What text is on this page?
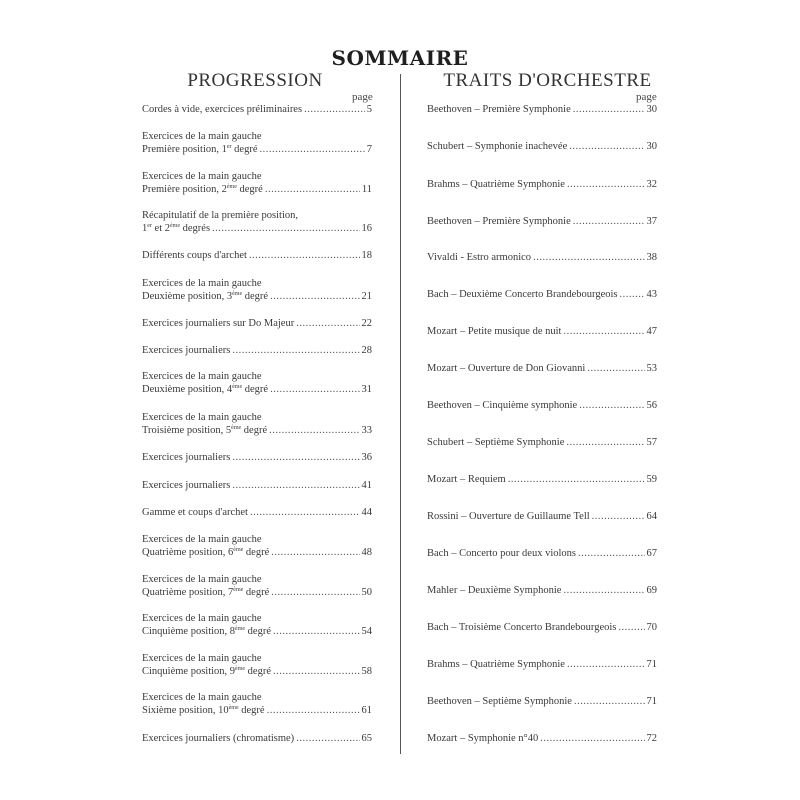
SOMMAIRE
PROGRESSION	TRAITS D'ORCHESTRE
page	page
Cordes à vide, exercices préliminaires .....	5
Exercices de la main gauche
Première position, 1er degré .....	7
Exercices de la main gauche
Première position, 2ème degré .....	11
Récapitulatif de la première position,
1er et 2ème degrés .....	16
Différents coups d'archet .....	18
Exercices de la main gauche
Deuxième position, 3ème degré .....	21
Exercices journaliers sur Do Majeur .....	22
Exercices journaliers .....	28
Exercices de la main gauche
Deuxième position, 4ème degré .....	31
Exercices de la main gauche
Troisième position, 5ème degré .....	33
Exercices journaliers .....	36
Exercices journaliers .....	41
Gamme et coups d'archet .....	44
Exercices de la main gauche
Quatrième position, 6ème degré .....	48
Exercices de la main gauche
Quatrième position, 7ème degré .....	50
Exercices de la main gauche
Cinquième position, 8ème degré .....	54
Exercices de la main gauche
Cinquième position, 9ème degré .....	58
Exercices de la main gauche
Sixième position, 10ème degré .....	61
Exercices journaliers (chromatisme) .....	65
Beethoven – Première Symphonie .....	30
Schubert – Symphonie inachevée .....	30
Brahms – Quatrième Symphonie .....	32
Beethoven – Première Symphonie .....	37
Vivaldi - Estro armonico .....	38
Bach – Deuxième Concerto Brandebourgeois .....	43
Mozart – Petite musique de nuit .....	47
Mozart – Ouverture de Don Giovanni .....	53
Beethoven – Cinquième symphonie .....	56
Schubert – Septième Symphonie .....	57
Mozart – Requiem .....	59
Rossini – Ouverture de Guillaume Tell .....	64
Bach – Concerto pour deux violons .....	67
Mahler – Deuxième Symphonie .....	69
Bach – Troisième Concerto Brandebourgeois .....	70
Brahms – Quatrième Symphonie .....	71
Beethoven – Septième Symphonie .....	71
Mozart – Symphonie n°40 .....	72
